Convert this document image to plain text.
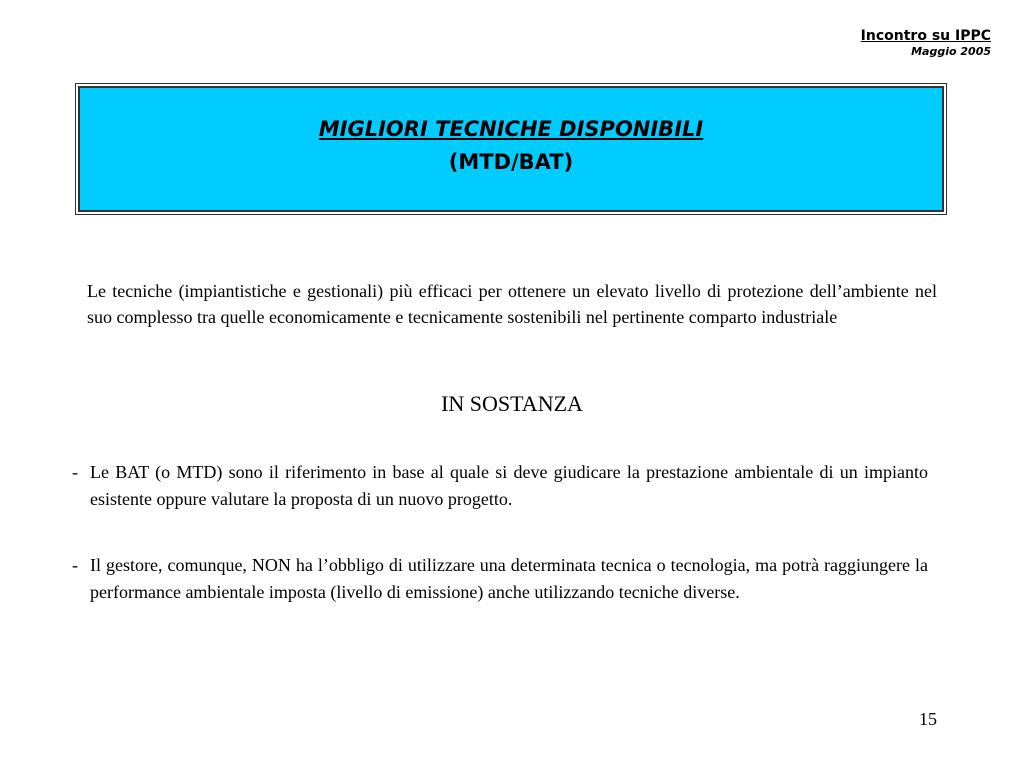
Incontro su IPPC
Maggio 2005
MIGLIORI TECNICHE DISPONIBILI
(MTD/BAT)
Le tecniche (impiantistiche e gestionali) più efficaci per ottenere un elevato livello di protezione dell’ambiente nel suo complesso tra quelle economicamente e tecnicamente sostenibili nel pertinente comparto industriale
IN SOSTANZA
- Le BAT (o MTD) sono il riferimento in base al quale si deve giudicare la prestazione ambientale di un impianto esistente oppure valutare la proposta di un nuovo progetto.
- Il gestore, comunque, NON ha l’obbligo di utilizzare una determinata tecnica o tecnologia, ma potrà raggiungere la performance ambientale imposta (livello di emissione) anche utilizzando tecniche diverse.
15
